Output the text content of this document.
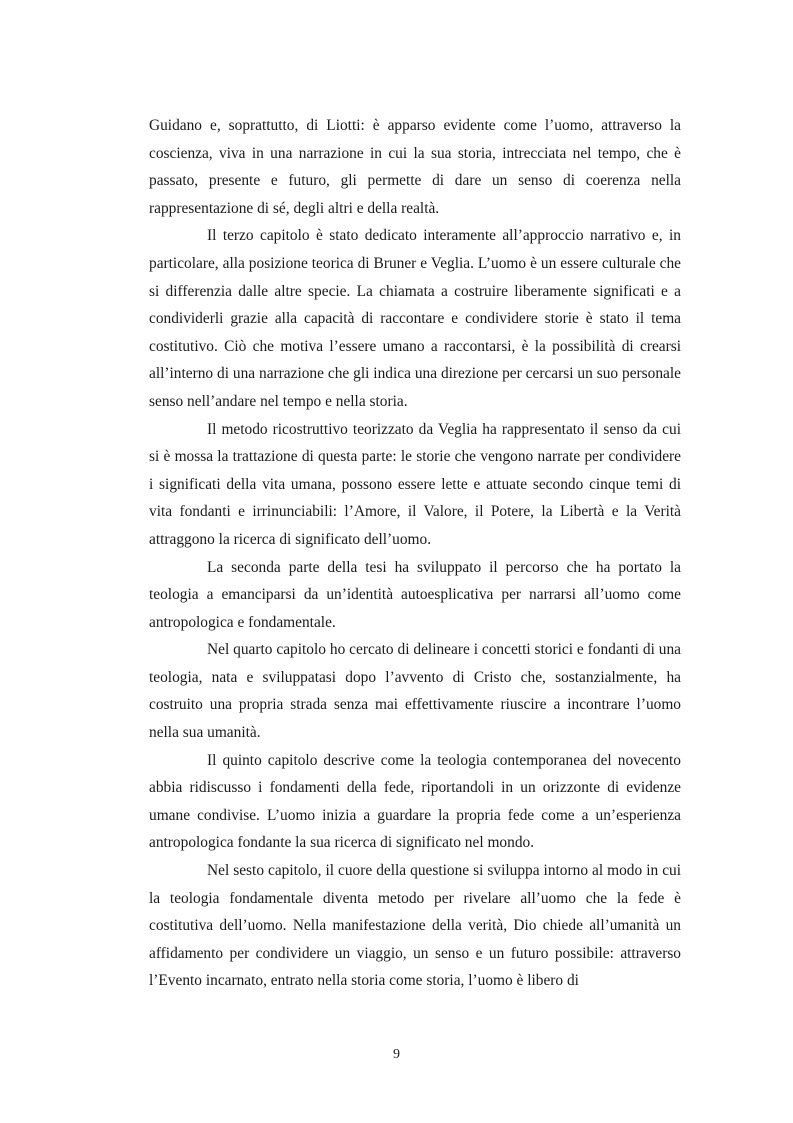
Guidano e, soprattutto, di Liotti: è apparso evidente come l’uomo, attraverso la coscienza, viva in una narrazione in cui la sua storia, intrecciata nel tempo, che è passato, presente e futuro, gli permette di dare un senso di coerenza nella rappresentazione di sé, degli altri e della realtà.

Il terzo capitolo è stato dedicato interamente all’approccio narrativo e, in particolare, alla posizione teorica di Bruner e Veglia. L’uomo è un essere culturale che si differenzia dalle altre specie. La chiamata a costruire liberamente significati e a condividerli grazie alla capacità di raccontare e condividere storie è stato il tema costitutivo. Ciò che motiva l’essere umano a raccontarsi, è la possibilità di crearsi all’interno di una narrazione che gli indica una direzione per cercarsi un suo personale senso nell’andare nel tempo e nella storia.

Il metodo ricostruttivo teorizzato da Veglia ha rappresentato il senso da cui si è mossa la trattazione di questa parte: le storie che vengono narrate per condividere i significati della vita umana, possono essere lette e attuate secondo cinque temi di vita fondanti e irrinunciabili: l’Amore, il Valore, il Potere, la Libertà e la Verità attraggono la ricerca di significato dell’uomo.

La seconda parte della tesi ha sviluppato il percorso che ha portato la teologia a emanciparsi da un’identità autoesplicativa per narrarsi all’uomo come antropologica e fondamentale.

Nel quarto capitolo ho cercato di delineare i concetti storici e fondanti di una teologia, nata e sviluppatasi dopo l’avvento di Cristo che, sostanzialmente, ha costruito una propria strada senza mai effettivamente riuscire a incontrare l’uomo nella sua umanità.

Il quinto capitolo descrive come la teologia contemporanea del novecento abbia ridiscusso i fondamenti della fede, riportandoli in un orizzonte di evidenze umane condivise. L’uomo inizia a guardare la propria fede come a un’esperienza antropologica fondante la sua ricerca di significato nel mondo.

Nel sesto capitolo, il cuore della questione si sviluppa intorno al modo in cui la teologia fondamentale diventa metodo per rivelare all’uomo che la fede è costitutiva dell’uomo. Nella manifestazione della verità, Dio chiede all’umanità un affidamento per condividere un viaggio, un senso e un futuro possibile: attraverso l’Evento incarnato, entrato nella storia come storia, l’uomo è libero di

9
